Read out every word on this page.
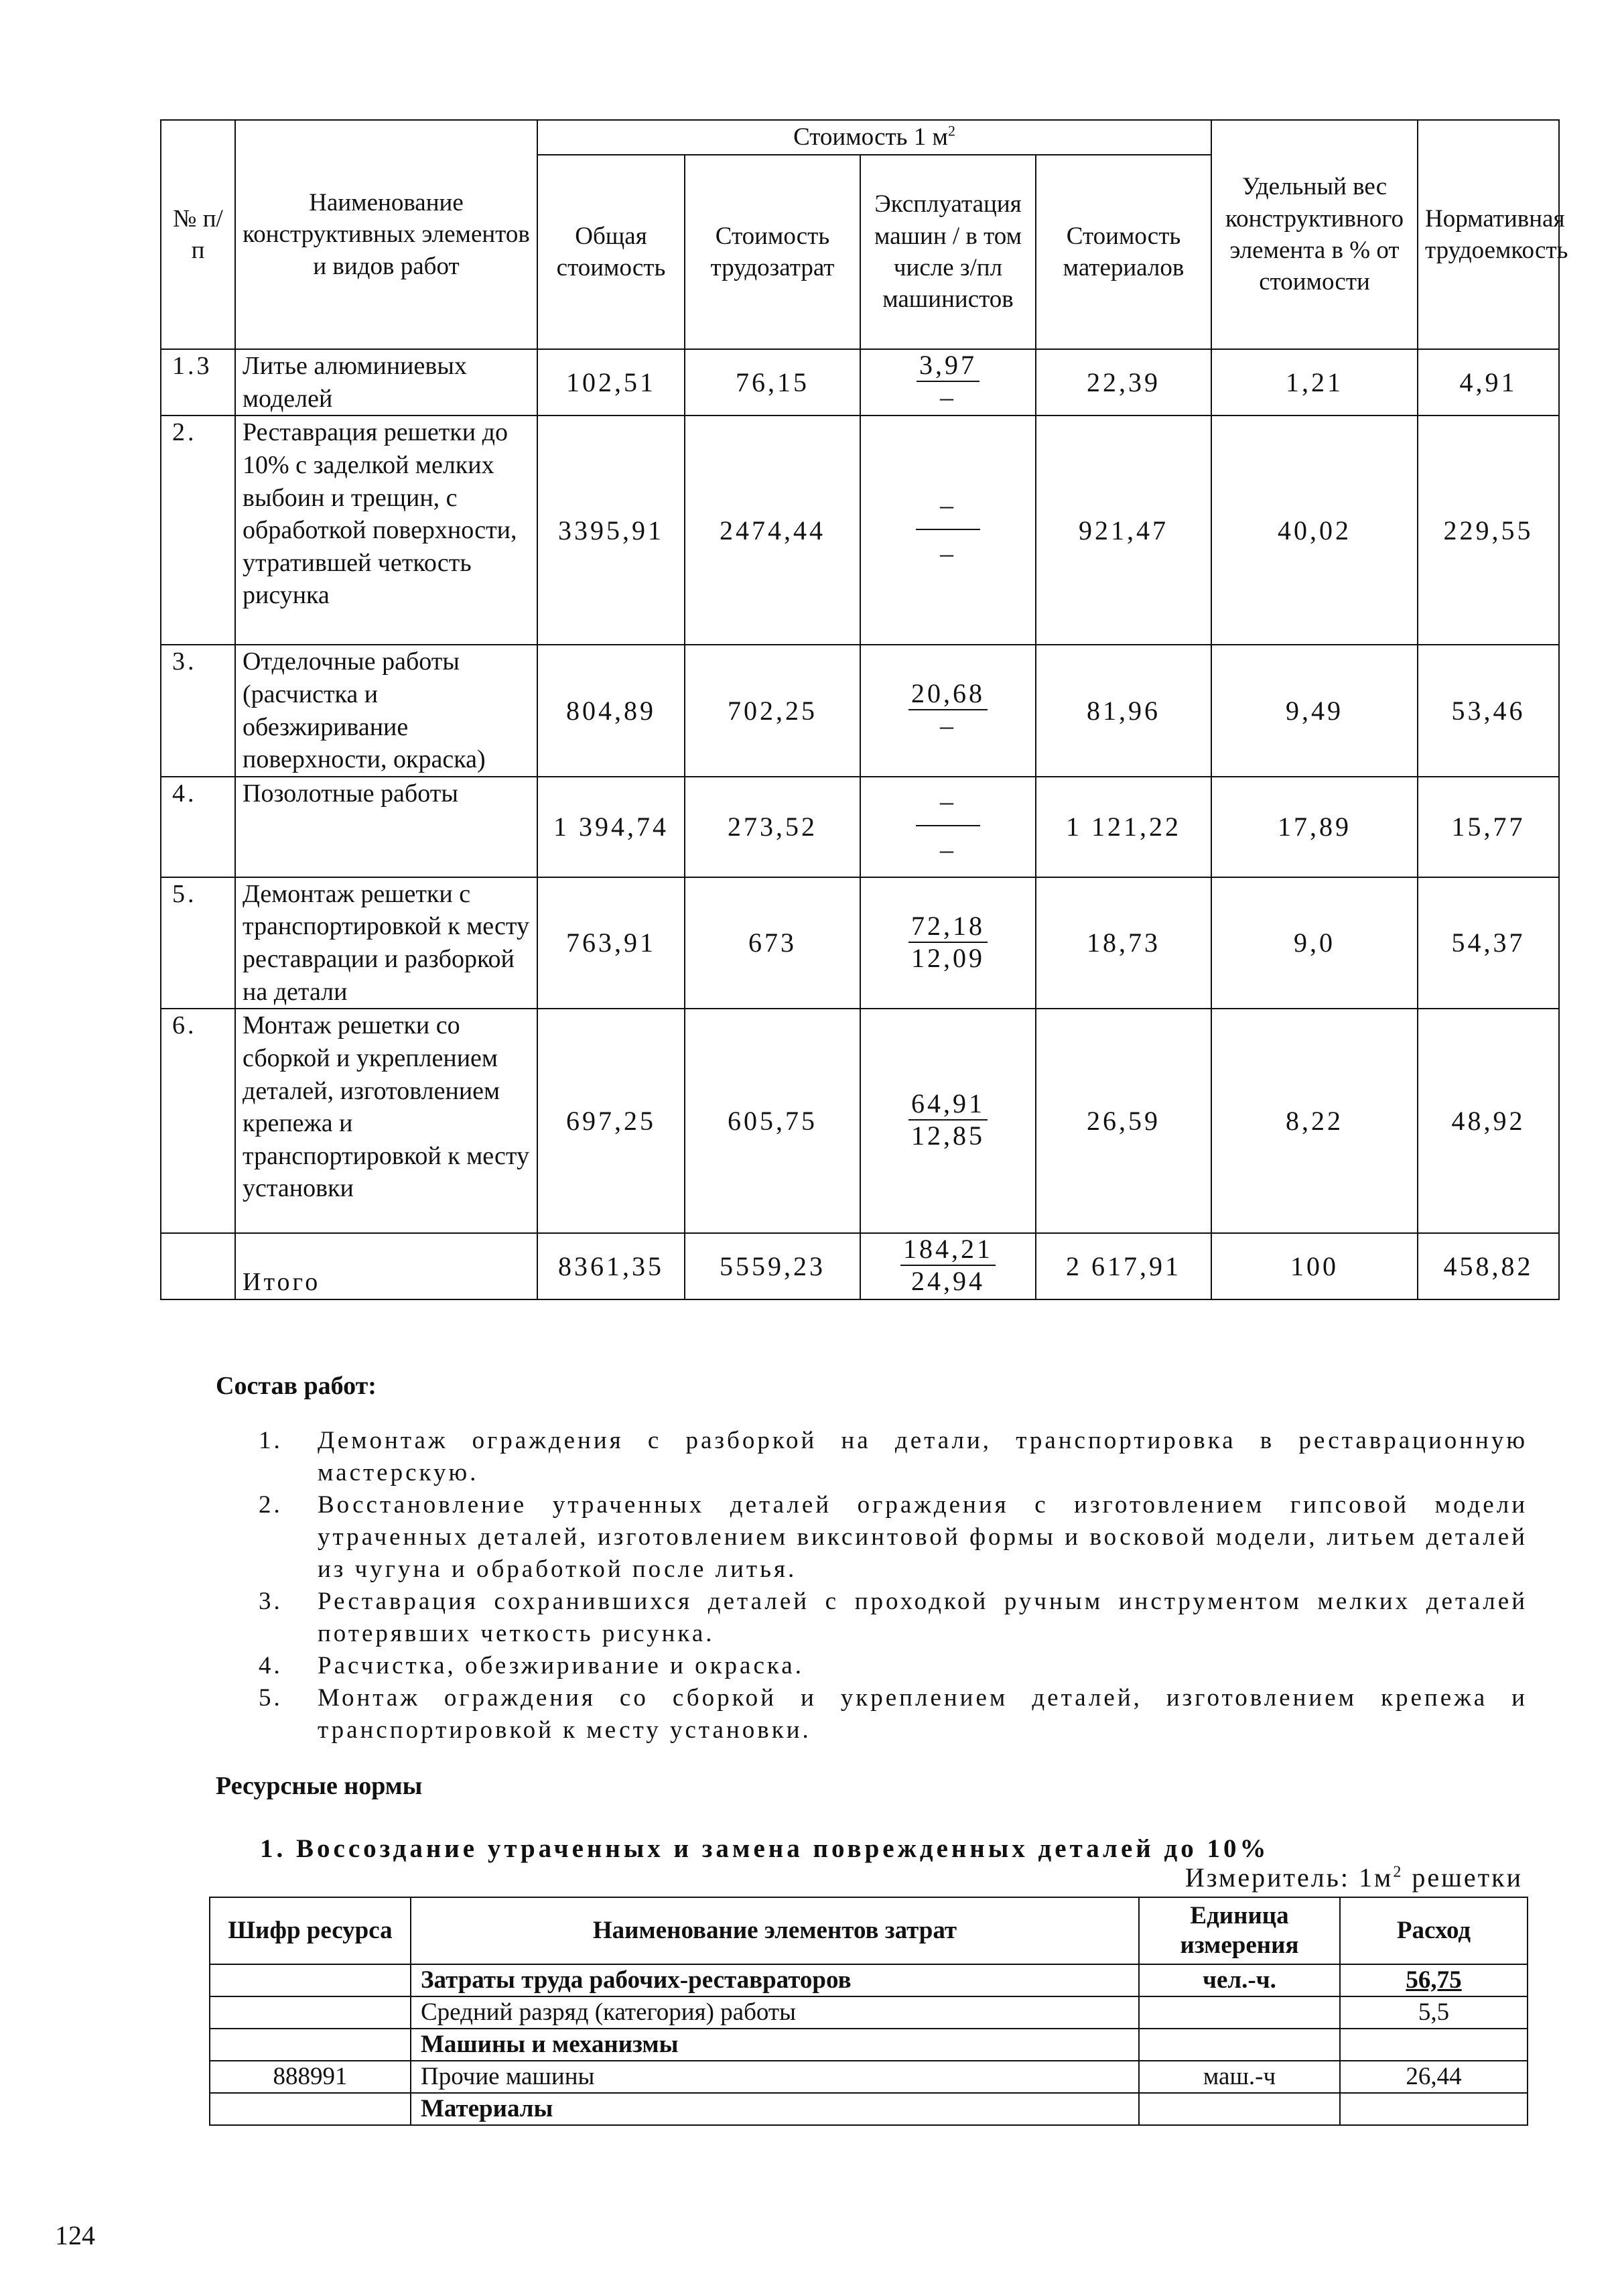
№ п/п	Наименование конструктивных элементов и видов работ	Стоимость 1 $м^2$				Удельный вес конструктивного элемента в % от стоимости	Нормативная трудоемкость
		Общая стоимость	Стоимость трудозатрат	Эксплуатация машин / в том числе з/пл машинистов	Стоимость материалов		
1.3	Литье алюминиевых моделей	102,51	76,15	$\frac{3,97}{-}$	22,39	1,21	4,91
2.	Реставрация решетки до 10% с заделкой мелких выбоин и трещин, с обработкой поверхности, утратившей четкость рисунка	3395,91	2474,44	$\frac{-}{-}$	921,47	40,02	229,55
3.	Отделочные работы (расчистка и обезжиривание поверхности, окраска)	804,89	702,25	$\frac{20,68}{-}$	81,96	9,49	53,46
4.	Позолотные работы	1 394,74	273,52	$\frac{-}{-}$	1 121,22	17,89	15,77
5.	Демонтаж решетки с транспортировкой к месту реставрации и разборкой на детали	763,91	673	$\frac{72,18}{12,09}$	18,73	9,0	54,37
6.	Монтаж решетки со сборкой и укреплением деталей, изготовлением крепежа и транспортировкой к месту установки	697,25	605,75	$\frac{64,91}{12,85}$	26,59	8,22	48,92
	Итого	8361,35	5559,23	$\frac{184,21}{24,94}$	2 617,91	100	458,82
Состав работ:
1. Демонтаж ограждения с разборкой на детали, транспортировка в реставрационную мастерскую.
2. Восстановление утраченных деталей ограждения с изготовлением гипсовой модели утраченных деталей, изготовлением виксинтовой формы и восковой модели, литьем деталей из чугуна и обработкой после литья.
3. Реставрация сохранившихся деталей с проходкой ручным инструментом мелких деталей потерявших четкость рисунка.
4. Расчистка, обезжиривание и окраска.
5. Монтаж ограждения со сборкой и укреплением деталей, изготовлением крепежа и транспортировкой к месту установки.
Ресурсные нормы
1. Воссоздание утраченных и замена поврежденных деталей до 10%
Измеритель: $1м^2$ решетки
Шифр ресурса	Наименование элементов затрат	Единица измерения	Расход
	Затраты труда рабочих-реставраторов	чел.-ч.	56,75
	Средний разряд (категория) работы		5,5
	Машины и механизмы		
888991	Прочие машины	маш.-ч	26,44
	Материалы		
124
